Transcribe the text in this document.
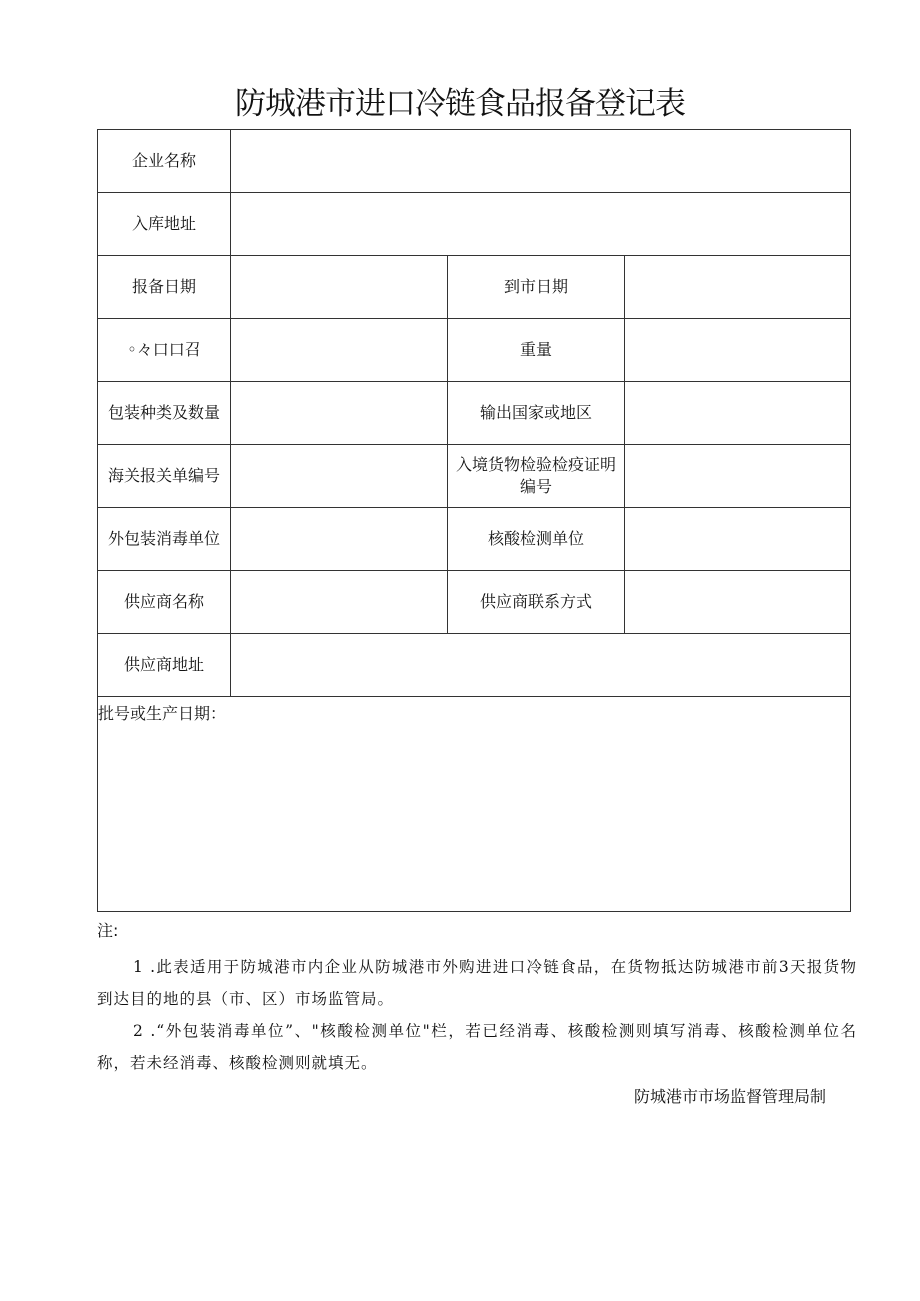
防城港市进口冷链食品报备登记表
企业名称			
入库地址			
报备日期		到市日期	
◦々口口召		重量	
包装种类及数量		输出国家或地区	
海关报关单编号		入境货物检验检疫证明
编号	
外包装消毒单位		核酸检测单位	
供应商名称		供应商联系方式	
供应商地址			
批号或生产日期：			
注:
1 .此表适用于防城港市内企业从防城港市外购进进口冷链食品，在货物抵达防城港市前3天报货物到达目的地的县（市、区）市场监管局。
2 .“外包装消毒单位”、"核酸检测单位"栏，若已经消毒、核酸检测则填写消毒、核酸检测单位名称，若未经消毒、核酸检测则就填无。
防城港市市场监督管理局制
